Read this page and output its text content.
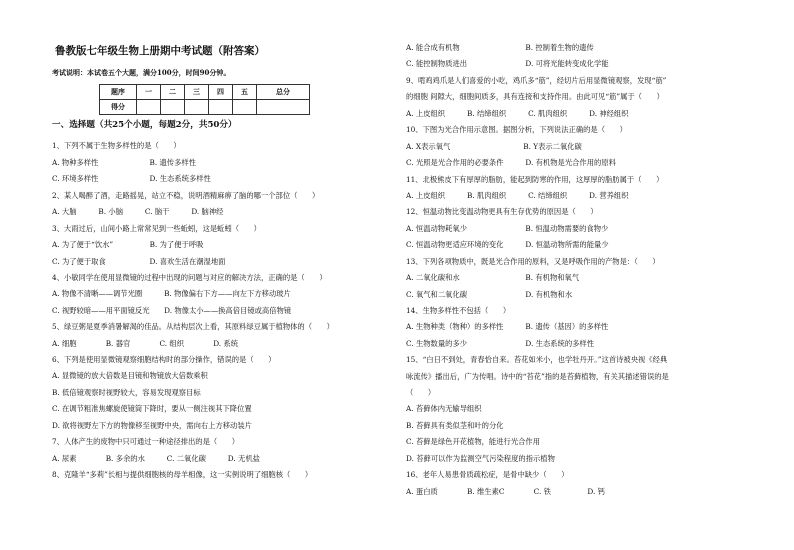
鲁教版七年级生物上册期中考试题（附答案）
考试说明：本试卷五个大题，满分100分，时间90分钟。
题序	一	二	三	四	五	总分
得分						
一、选择题（共25个小题，每题2分，共50分）
1、下列不属于生物多样性的是（　　）
A. 物种多样性　　　　　　　B. 遗传多样性
C. 环境多样性　　　　　　　D. 生态系统多样性
2、某人喝醉了酒，走路摇晃，站立不稳，说明酒精麻痹了脑的哪一个部位（　　）
A. 大脑　　　B. 小脑　　　C. 脑干　　　D. 脑神经
3、大雨过后，山间小路上常常见到一些蚯蚓，这是蚯蚓（　　）
A. 为了便于“饮水”　　　　　B. 为了便于呼吸
C. 为了便于取食　　　　　　D. 喜欢生活在潮湿地面
4、小敏同学在使用显微镜的过程中出现的问题与对应的解决方法，正确的是（　　）
A. 物像不清晰——调节光圈　　　B. 物像偏右下方——向左下方移动玻片
C. 视野较暗——用平面镜反光　　D. 物像太小——换高倍目镜或高倍物镜
5、绿豆粥是夏季消暑解渴的佳品。从结构层次上看，其原料绿豆属于植物体的（　　）
A. 细胞　　　　B. 器官　　　　C. 组织　　　　D. 系统
6、下列是使用显微镜观察细胞结构时的部分操作，错误的是（　　）
A. 显微镜的放大倍数是目镜和物镜放大倍数乘积
B. 低倍镜观察时视野较大，容易发现观察目标
C. 在调节粗准焦螺旋使镜筒下降时，要从一侧注视其下降位置
D. 欲将视野左下方的物像移至视野中央，需向右上方移动装片
7、人体产生的废物中只可通过一种途径排出的是（　　）
A. 尿素　　　　B. 多余的水　　　C. 二氧化碳　　　D. 无机盐
8、克隆羊“多莉”长相与提供细胞核的母羊相像，这一实例说明了细胞核（　　）
A. 能合成有机物　　　　　　　　　B. 控制着生物的遗传
C. 能控制物质进出　　　　　　　　D. 可将光能转变成化学能
9、啃鸡鸡爪是人们喜爱的小吃，鸡爪多“筋”，经切片后用显微镜观察，发现“筋”
的细胞 间隙大，细胞间质多，具有连接和支持作用。由此可见“筋”属于（　　）
A. 上皮组织　　　B. 结缔组织　　　C. 肌肉组织　　　D. 神经组织
10、下图为光合作用示意图。据图分析，下列说法正确的是（　　）
A. X表示氧气　　　　　　　　　　B. Y表示二氧化碳
C. 光照是光合作用的必要条件　　　D. 有机物是光合作用的原料
11、北极熊皮下有厚厚的脂肪，能起到防寒的作用，这厚厚的脂肪属于（　　）
A. 上皮组织　　　B. 肌肉组织　　　C. 结缔组织　　　D. 营养组织
12、恒温动物比变温动物更具有生存优势的原因是（　　）
A. 恒温动物耗氧少　　　　　　　　B. 恒温动物需要的食物少
C. 恒温动物更适应环境的变化　　　D. 恒温动物所需的能量少
13、下列各项物质中，既是光合作用的原料，又是呼吸作用的产物是：（　　）
A. 二氧化碳和水　　　　　　　　　B. 有机物和氧气
C. 氧气和二氧化碳　　　　　　　　D. 有机物和水
14、生物多样性不包括（　　）
A. 生物种类（物种）的多样性　　　B. 遗传（基因）的多样性
C. 生物数量的多少　　　　　　　　D. 生态系统的多样性
15、“白日不到处，青春恰自来。苔花如米小，也学牡丹开。”这首诗被央视《经典
咏流传》播出后，广为传唱。诗中的“苔花”指的是苔藓植物，有关其描述错误的是
（　　）
A. 苔藓体内无输导组织
B. 苔藓具有类似茎和叶的分化
C. 苔藓是绿色开花植物，能进行光合作用
D. 苔藓可以作为监测空气污染程度的指示植物
16、老年人易患骨质疏松症，是骨中缺少（　　）
A. 蛋白质　　　　B. 维生素C　　　　C. 铁　　　　　D. 钙
